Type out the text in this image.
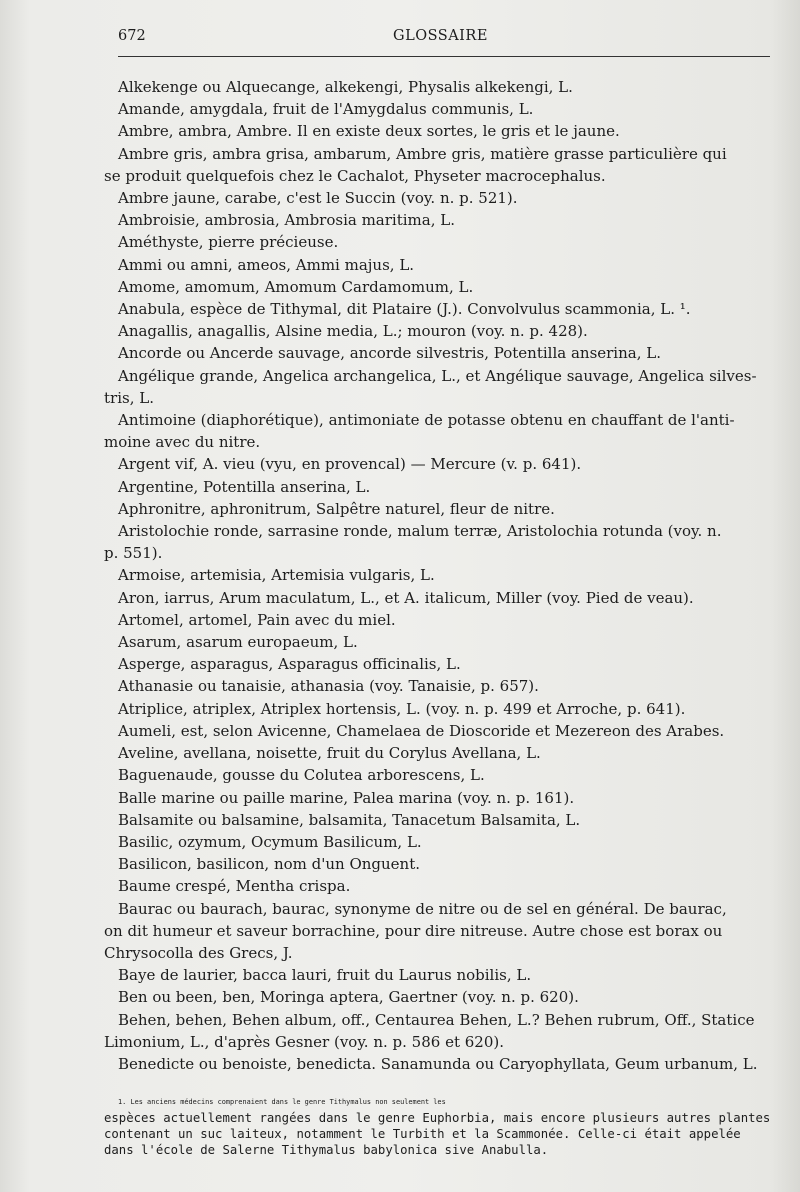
672	GLOSSAIRE
Alkekenge ou Alquecange, alkekengi, Physalis alkekengi, L.
Amande, amygdala, fruit de l'Amygdalus communis, L.
Ambre, ambra, Ambre. Il en existe deux sortes, le gris et le jaune.
Ambre gris, ambra grisa, ambarum, Ambre gris, matière grasse particulière qui
se produit quelquefois chez le Cachalot, Physeter macrocephalus.
Ambre jaune, carabe, c'est le Succin (voy. n. p. 521).
Ambroisie, ambrosia, Ambrosia maritima, L.
Améthyste, pierre précieuse.
Ammi ou amni, ameos, Ammi majus, L.
Amome, amomum, Amomum Cardamomum, L.
Anabula, espèce de Tithymal, dit Plataire (J.). Convolvulus scammonia, L. ¹.
Anagallis, anagallis, Alsine media, L.; mouron (voy. n. p. 428).
Ancorde ou Ancerde sauvage, ancorde silvestris, Potentilla anserina, L.
Angélique grande, Angelica archangelica, L., et Angélique sauvage, Angelica silves-
tris, L.
Antimoine (diaphorétique), antimoniate de potasse obtenu en chauffant de l'anti-
moine avec du nitre.
Argent vif, A. vieu (vyu, en provencal) — Mercure (v. p. 641).
Argentine, Potentilla anserina, L.
Aphronitre, aphronitrum, Salpêtre naturel, fleur de nitre.
Aristolochie ronde, sarrasine ronde, malum terræ, Aristolochia rotunda (voy. n.
p. 551).
Armoise, artemisia, Artemisia vulgaris, L.
Aron, iarrus, Arum maculatum, L., et A. italicum, Miller (voy. Pied de veau).
Artomel, artomel, Pain avec du miel.
Asarum, asarum europaeum, L.
Asperge, asparagus, Asparagus officinalis, L.
Athanasie ou tanaisie, athanasia (voy. Tanaisie, p. 657).
Atriplice, atriplex, Atriplex hortensis, L. (voy. n. p. 499 et Arroche, p. 641).
Aumeli, est, selon Avicenne, Chamelaea de Dioscoride et Mezereon des Arabes.
Aveline, avellana, noisette, fruit du Corylus Avellana, L.
Baguenaude, gousse du Colutea arborescens, L.
Balle marine ou paille marine, Palea marina (voy. n. p. 161).
Balsamite ou balsamine, balsamita, Tanacetum Balsamita, L.
Basilic, ozymum, Ocymum Basilicum, L.
Basilicon, basilicon, nom d'un Onguent.
Baume crespé, Mentha crispa.
Baurac ou baurach, baurac, synonyme de nitre ou de sel en général. De baurac,
on dit humeur et saveur borrachine, pour dire nitreuse. Autre chose est borax ou
Chrysocolla des Grecs, J.
Baye de laurier, bacca lauri, fruit du Laurus nobilis, L.
Ben ou been, ben, Moringa aptera, Gaertner (voy. n. p. 620).
Behen, behen, Behen album, off., Centaurea Behen, L.? Behen rubrum, Off., Statice
Limonium, L., d'après Gesner (voy. n. p. 586 et 620).
Benedicte ou benoiste, benedicta. Sanamunda ou Caryophyllata, Geum urbanum, L.
1. Les anciens médecins comprenaient dans le genre Tithymalus non seulement les
espèces actuellement rangées dans le genre Euphorbia, mais encore plusieurs autres plantes
contenant un suc laiteux, notamment le Turbith et la Scammonée. Celle-ci était appelée
dans l'école de Salerne Tithymalus babylonica sive Anabulla.
